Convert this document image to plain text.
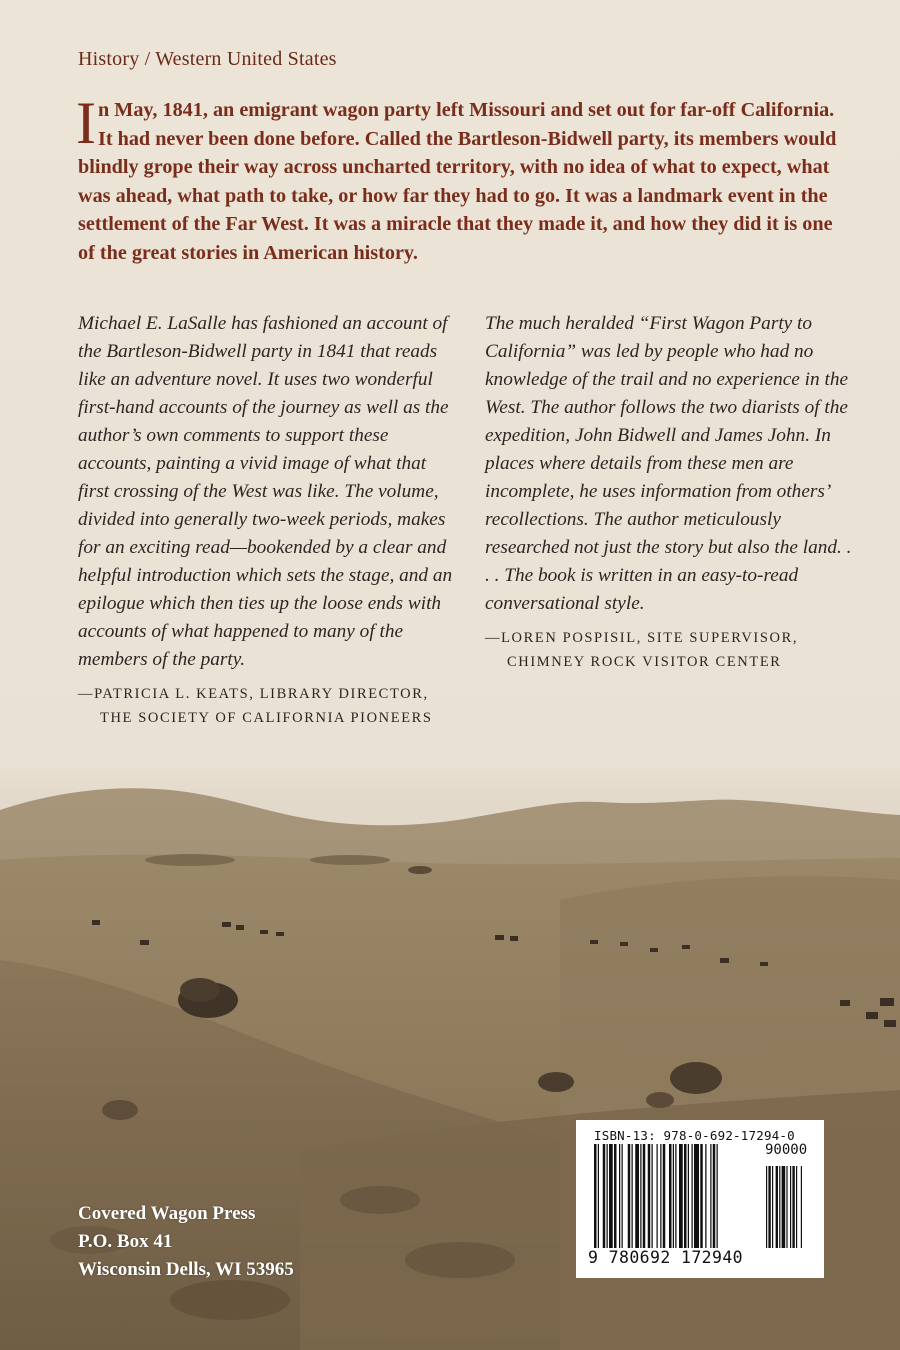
History / Western United States
In May, 1841, an emigrant wagon party left Missouri and set out for far-off California. It had never been done before. Called the Bartleson-Bidwell party, its members would blindly grope their way across uncharted territory, with no idea of what to expect, what was ahead, what path to take, or how far they had to go. It was a landmark event in the settlement of the Far West. It was a miracle that they made it, and how they did it is one of the great stories in American history.
Michael E. LaSalle has fashioned an account of the Bartleson-Bidwell party in 1841 that reads like an adventure novel. It uses two wonderful first-hand accounts of the journey as well as the author’s own comments to support these accounts, painting a vivid image of what that first crossing of the West was like. The volume, divided into generally two-week periods, makes for an exciting read—bookended by a clear and helpful introduction which sets the stage, and an epilogue which then ties up the loose ends with accounts of what happened to many of the members of the party.
—PATRICIA L. KEATS, LIBRARY DIRECTOR,
THE SOCIETY OF CALIFORNIA PIONEERS
The much heralded “First Wagon Party to California” was led by people who had no knowledge of the trail and no experience in the West. The author follows the two diarists of the expedition, John Bidwell and James John. In places where details from these men are incomplete, he uses information from others’ recollections. The author meticulously researched not just the story but also the land. . . . The book is written in an easy-to-read conversational style.
—LOREN POSPISIL, SITE SUPERVISOR,
CHIMNEY ROCK VISITOR CENTER
Covered Wagon Press
P.O. Box 41
Wisconsin Dells, WI 53965
ISBN-13: 978-0-692-17294-0
90000
9 780692 172940
